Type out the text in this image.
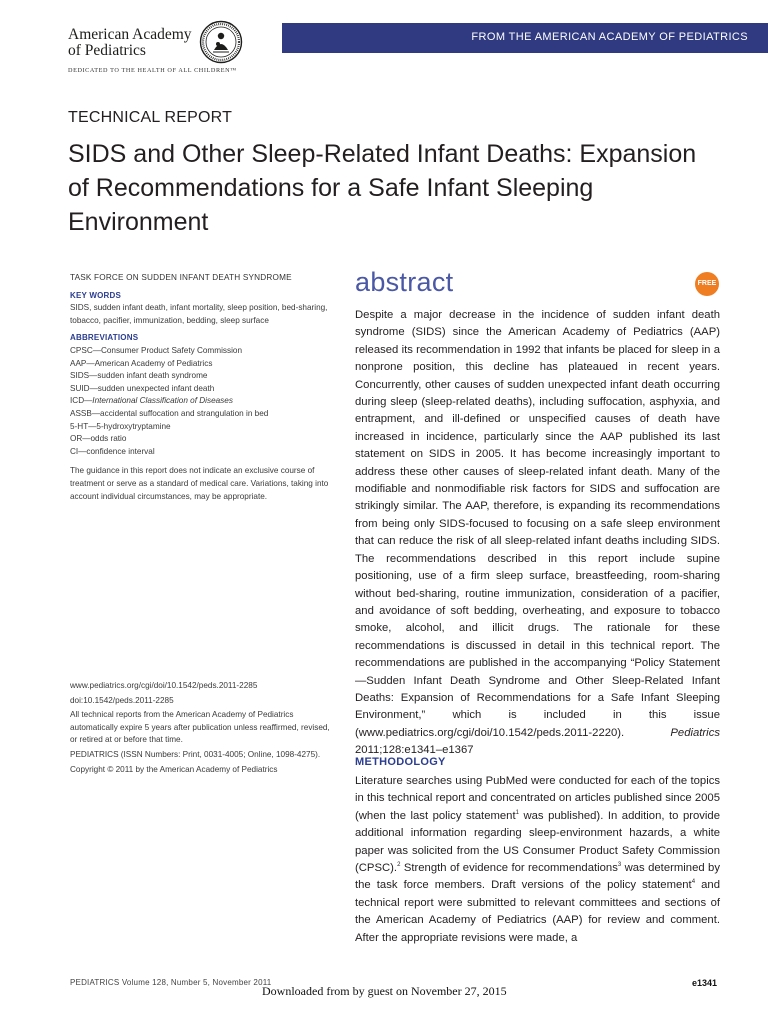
American Academy
of Pediatrics
DEDICATED TO THE HEALTH OF ALL CHILDREN™
FROM THE AMERICAN ACADEMY OF PEDIATRICS
TECHNICAL REPORT
SIDS and Other Sleep-Related Infant Deaths: Expansion of Recommendations for a Safe Infant Sleeping Environment

TASK FORCE ON SUDDEN INFANT DEATH SYNDROME

KEY WORDS

SIDS, sudden infant death, infant mortality, sleep position, bed-sharing, tobacco, pacifier, immunization, bedding, sleep surface

ABBREVIATIONS

CPSC—Consumer Product Safety Commission
AAP—American Academy of Pediatrics
SIDS—sudden infant death syndrome
SUID—sudden unexpected infant death
ICD—International Classification of Diseases
ASSB—accidental suffocation and strangulation in bed
5-HT—5-hydroxytryptamine
OR—odds ratio
CI—confidence interval

The guidance in this report does not indicate an exclusive course of treatment or serve as a standard of medical care. Variations, taking into account individual circumstances, may be appropriate.

www.pediatrics.org/cgi/doi/10.1542/peds.2011-2285

doi:10.1542/peds.2011-2285

All technical reports from the American Academy of Pediatrics automatically expire 5 years after publication unless reaffirmed, revised, or retired at or before that time.

PEDIATRICS (ISSN Numbers: Print, 0031-4005; Online, 1098-4275).

Copyright © 2011 by the American Academy of Pediatrics

abstract	FREE

Despite a major decrease in the incidence of sudden infant death syndrome (SIDS) since the American Academy of Pediatrics (AAP) released its recommendation in 1992 that infants be placed for sleep in a nonprone position, this decline has plateaued in recent years. Concurrently, other causes of sudden unexpected infant death occurring during sleep (sleep-related deaths), including suffocation, asphyxia, and entrapment, and ill-defined or unspecified causes of death have increased in incidence, particularly since the AAP published its last statement on SIDS in 2005. It has become increasingly important to address these other causes of sleep-related infant death. Many of the modifiable and nonmodifiable risk factors for SIDS and suffocation are strikingly similar. The AAP, therefore, is expanding its recommendations from being only SIDS-focused to focusing on a safe sleep environment that can reduce the risk of all sleep-related infant deaths including SIDS. The recommendations described in this report include supine positioning, use of a firm sleep surface, breastfeeding, room-sharing without bed-sharing, routine immunization, consideration of a pacifier, and avoidance of soft bedding, overheating, and exposure to tobacco smoke, alcohol, and illicit drugs. The rationale for these recommendations is discussed in detail in this technical report. The recommendations are published in the accompanying “Policy Statement—Sudden Infant Death Syndrome and Other Sleep-Related Infant Deaths: Expansion of Recommendations for a Safe Infant Sleeping Environment,” which is included in this issue (www.pediatrics.org/cgi/doi/10.1542/peds.2011-2220).	Pediatrics 2011;128:e1341–e1367

METHODOLOGY

Literature searches using PubMed were conducted for each of the topics in this technical report and concentrated on articles published since 2005 (when the last policy statement$^1$ was published). In addition, to provide additional information regarding sleep-environment hazards, a white paper was solicited from the US Consumer Product Safety Commission (CPSC).$^2$ Strength of evidence for recommendations$^3$ was determined by the task force members. Draft versions of the policy statement$^4$ and technical report were submitted to relevant committees and sections of the American Academy of Pediatrics (AAP) for review and comment. After the appropriate revisions were made, a

PEDIATRICS Volume 128, Number 5, November 2011
Downloaded from by guest on November 27, 2015
e1341
